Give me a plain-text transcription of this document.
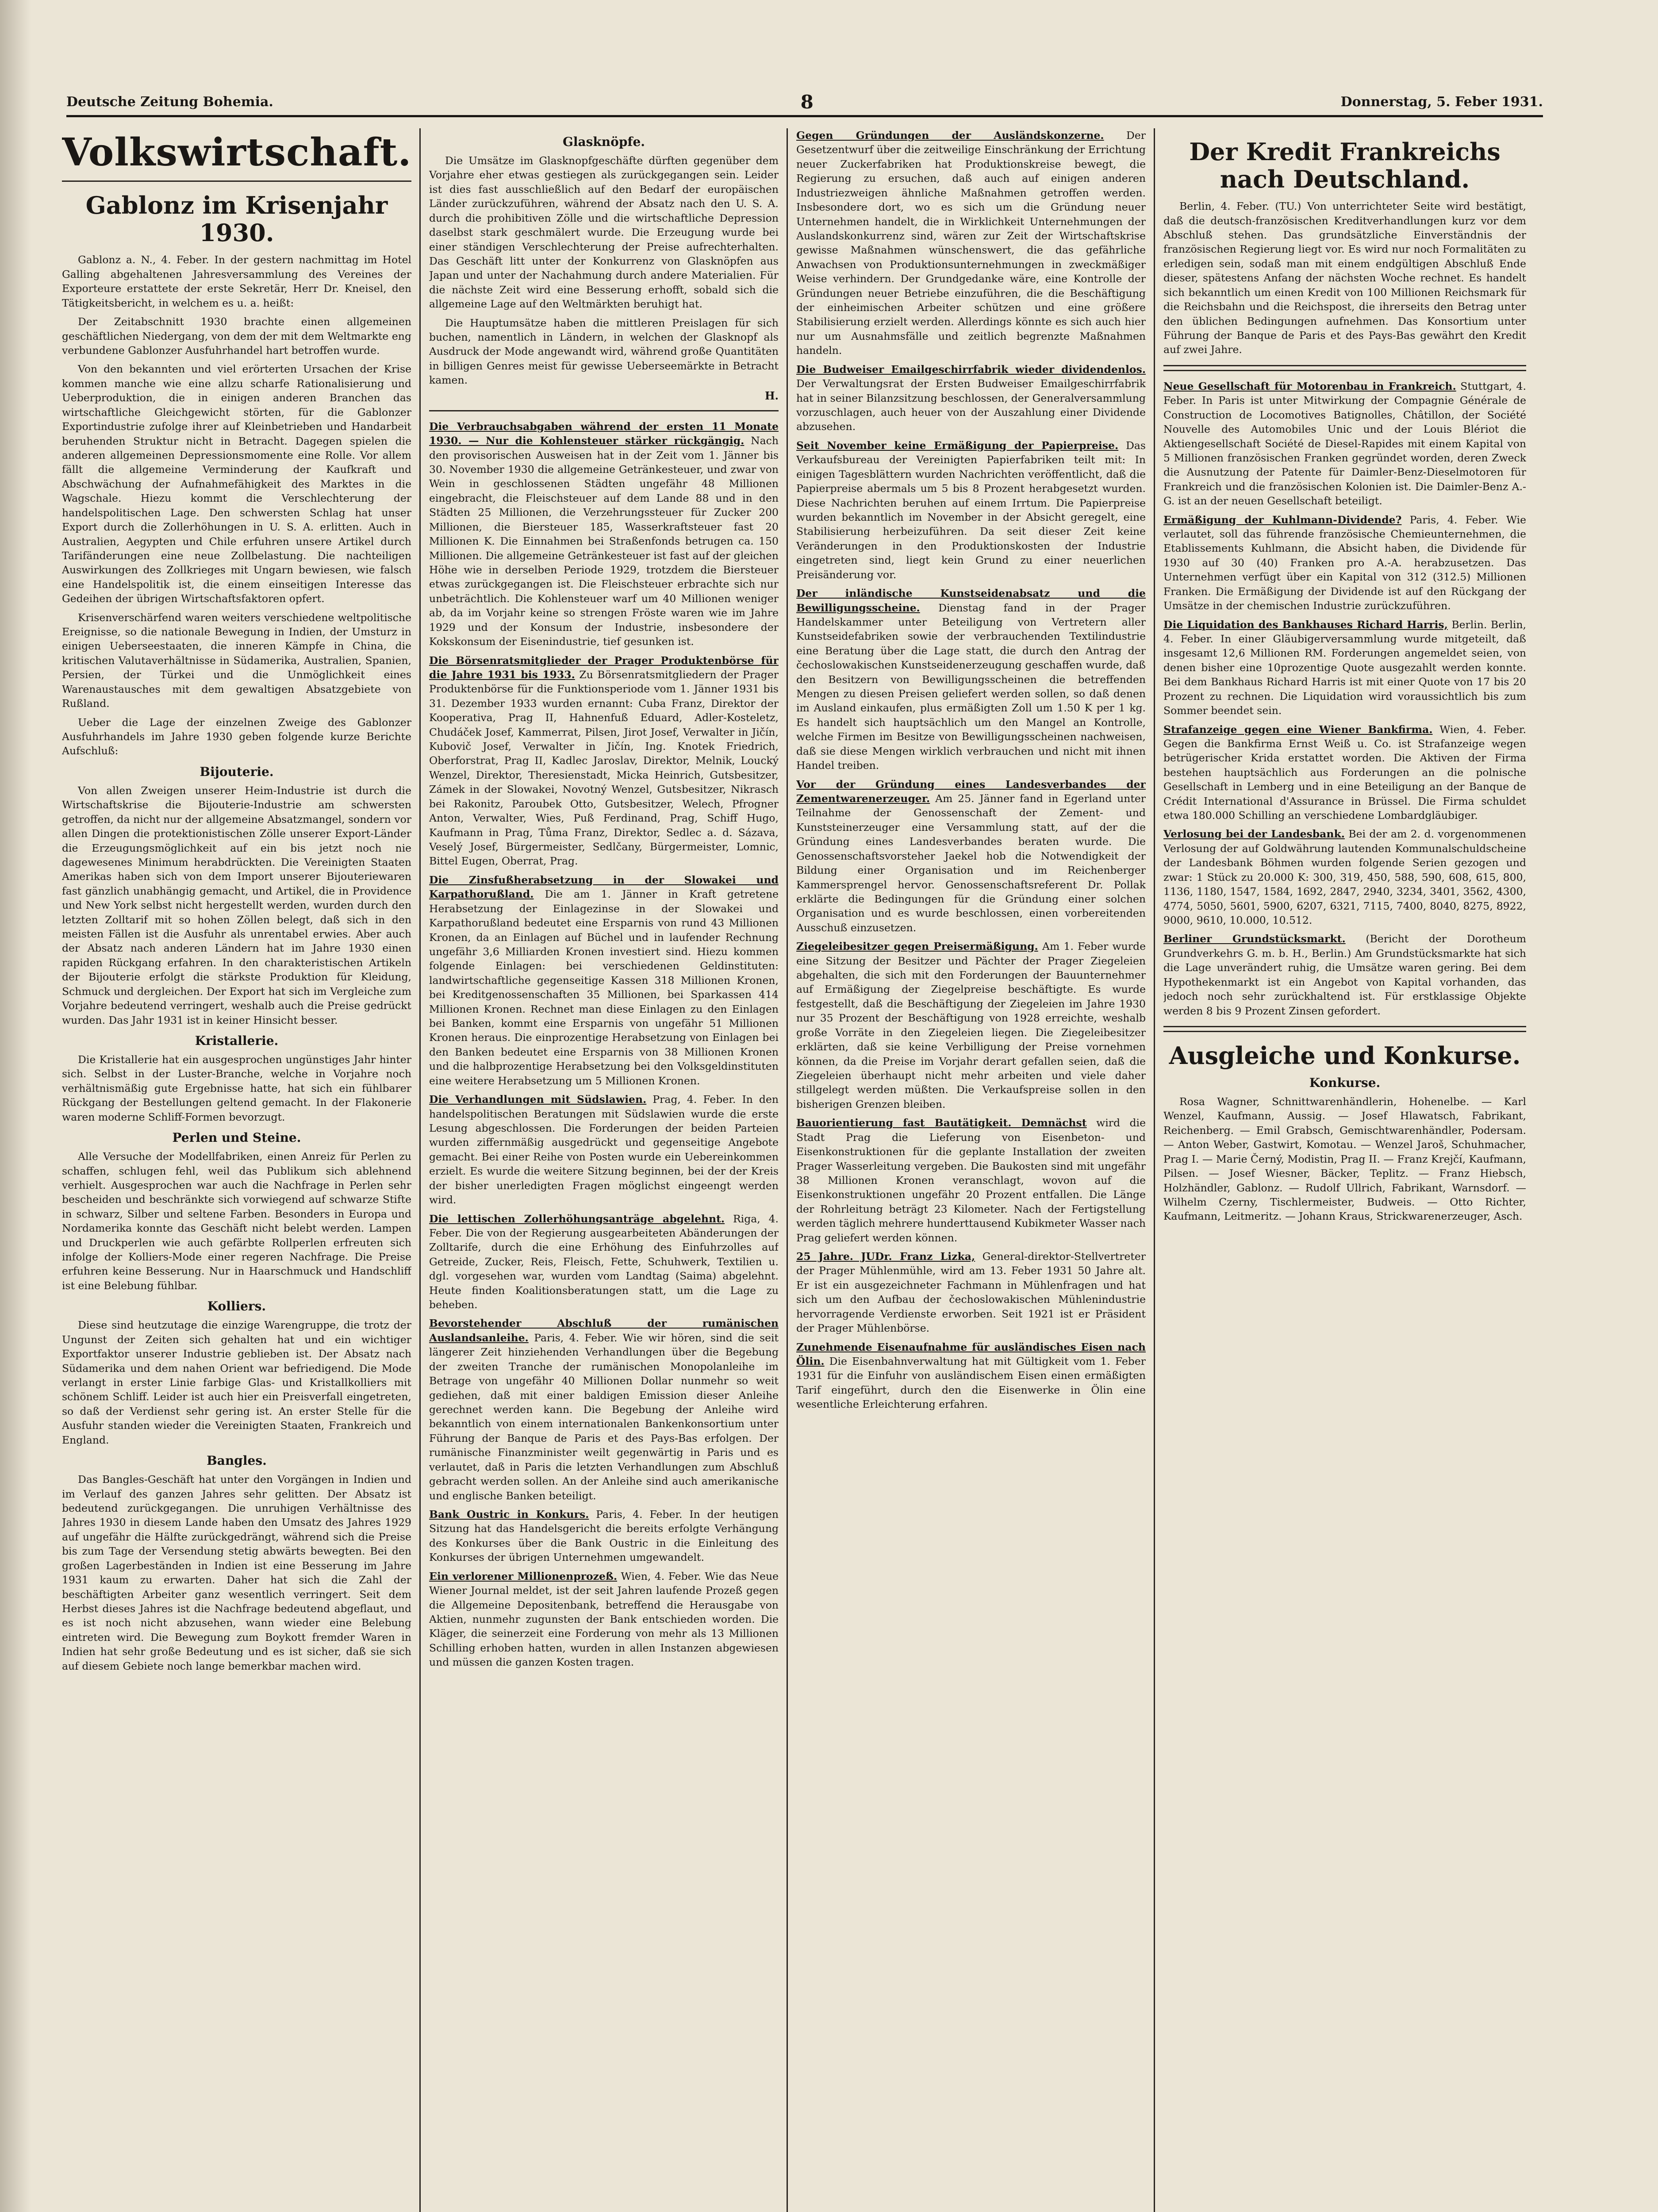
Deutsche Zeitung Bohemia.	8	Donnerstag, 5. Feber 1931.
Volkswirtschaft.
Gablonz im Krisenjahr 1930.

Gablonz a. N., 4. Feber. In der gestern nachmittag im Hotel Galling abgehaltenen Jahresversammlung des Vereines der Exporteure erstattete der erste Sekretär, Herr Dr. Kneisel, den Tätigkeitsbericht, in welchem es u. a. heißt:

Der Zeitabschnitt 1930 brachte einen allgemeinen geschäftlichen Niedergang, von dem der mit dem Weltmarkte eng verbundene Gablonzer Ausfuhrhandel hart betroffen wurde.

Von den bekannten und viel erörterten Ursachen der Krise kommen manche wie eine allzu scharfe Rationalisierung und Ueberproduktion, die in einigen anderen Branchen das wirtschaftliche Gleichgewicht störten, für die Gablonzer Exportindustrie zufolge ihrer auf Kleinbetrieben und Handarbeit beruhenden Struktur nicht in Betracht. Dagegen spielen die anderen allgemeinen Depressionsmomente eine Rolle. Vor allem fällt die allgemeine Verminderung der Kaufkraft und Abschwächung der Aufnahmefähigkeit des Marktes in die Wagschale. Hiezu kommt die Verschlechterung der handelspolitischen Lage. Den schwersten Schlag hat unser Export durch die Zollerhöhungen in U. S. A. erlitten. Auch in Australien, Aegypten und Chile erfuhren unsere Artikel durch Tarifänderungen eine neue Zollbelastung. Die nachteiligen Auswirkungen des Zollkrieges mit Ungarn bewiesen, wie falsch eine Handelspolitik ist, die einem einseitigen Interesse das Gedeihen der übrigen Wirtschaftsfaktoren opfert.

Krisenverschärfend waren weiters verschiedene weltpolitische Ereignisse, so die nationale Bewegung in Indien, der Umsturz in einigen Ueberseestaaten, die inneren Kämpfe in China, die kritischen Valutaverhältnisse in Südamerika, Australien, Spanien, Persien, der Türkei und die Unmöglichkeit eines Warenaustausches mit dem gewaltigen Absatzgebiete von Rußland.

Ueber die Lage der einzelnen Zweige des Gablonzer Ausfuhrhandels im Jahre 1930 geben folgende kurze Berichte Aufschluß:

Bijouterie.

Von allen Zweigen unserer Heim-Industrie ist durch die Wirtschaftskrise die Bijouterie-Industrie am schwersten getroffen, da nicht nur der allgemeine Absatzmangel, sondern vor allen Dingen die protektionistischen Zölle unserer Export-Länder die Erzeugungsmöglichkeit auf ein bis jetzt noch nie dagewesenes Minimum herabdrückten. Die Vereinigten Staaten Amerikas haben sich von dem Import unserer Bijouteriewaren fast gänzlich unabhängig gemacht, und Artikel, die in Providence und New York selbst nicht hergestellt werden, wurden durch den letzten Zolltarif mit so hohen Zöllen belegt, daß sich in den meisten Fällen ist die Ausfuhr als unrentabel erwies. Aber auch der Absatz nach anderen Ländern hat im Jahre 1930 einen rapiden Rückgang erfahren. In den charakteristischen Artikeln der Bijouterie erfolgt die stärkste Produktion für Kleidung, Schmuck und dergleichen. Der Export hat sich im Vergleiche zum Vorjahre bedeutend verringert, weshalb auch die Preise gedrückt wurden. Das Jahr 1931 ist in keiner Hinsicht besser.

Kristallerie.

Die Kristallerie hat ein ausgesprochen ungünstiges Jahr hinter sich. Selbst in der Luster-Branche, welche in Vorjahre noch verhältnismäßig gute Ergebnisse hatte, hat sich ein fühlbarer Rückgang der Bestellungen geltend gemacht. In der Flakonerie waren moderne Schliff-Formen bevorzugt.

Perlen und Steine.

Alle Versuche der Modellfabriken, einen Anreiz für Perlen zu schaffen, schlugen fehl, weil das Publikum sich ablehnend verhielt. Ausgesprochen war auch die Nachfrage in Perlen sehr bescheiden und beschränkte sich vorwiegend auf schwarze Stifte in schwarz, Silber und seltene Farben. Besonders in Europa und Nordamerika konnte das Geschäft nicht belebt werden. Lampen und Druckperlen wie auch gefärbte Rollperlen erfreuten sich infolge der Kolliers-Mode einer regeren Nachfrage. Die Preise erfuhren keine Besserung. Nur in Haarschmuck und Handschliff ist eine Belebung fühlbar.

Kolliers.

Diese sind heutzutage die einzige Warengruppe, die trotz der Ungunst der Zeiten sich gehalten hat und ein wichtiger Exportfaktor unserer Industrie geblieben ist. Der Absatz nach Südamerika und dem nahen Orient war befriedigend. Die Mode verlangt in erster Linie farbige Glas- und Kristallkolliers mit schönem Schliff. Leider ist auch hier ein Preisverfall eingetreten, so daß der Verdienst sehr gering ist. An erster Stelle für die Ausfuhr standen wieder die Vereinigten Staaten, Frankreich und England.

Bangles.

Das Bangles-Geschäft hat unter den Vorgängen in Indien und im Verlauf des ganzen Jahres sehr gelitten. Der Absatz ist bedeutend zurückgegangen. Die unruhigen Verhältnisse des Jahres 1930 in diesem Lande haben den Umsatz des Jahres 1929 auf ungefähr die Hälfte zurückgedrängt, während sich die Preise bis zum Tage der Versendung stetig abwärts bewegten. Bei den großen Lagerbeständen in Indien ist eine Besserung im Jahre 1931 kaum zu erwarten. Daher hat sich die Zahl der beschäftigten Arbeiter ganz wesentlich verringert. Seit dem Herbst dieses Jahres ist die Nachfrage bedeutend abgeflaut, und es ist noch nicht abzusehen, wann wieder eine Belebung eintreten wird. Die Bewegung zum Boykott fremder Waren in Indien hat sehr große Bedeutung und es ist sicher, daß sie sich auf diesem Gebiete noch lange bemerkbar machen wird.

Glasknöpfe.

Die Umsätze im Glasknopfgeschäfte dürften gegenüber dem Vorjahre eher etwas gestiegen als zurückgegangen sein. Leider ist dies fast ausschließlich auf den Bedarf der europäischen Länder zurückzuführen, während der Absatz nach den U. S. A. durch die prohibitiven Zölle und die wirtschaftliche Depression daselbst stark geschmälert wurde. Die Erzeugung wurde bei einer ständigen Verschlechterung der Preise aufrechterhalten. Das Geschäft litt unter der Konkurrenz von Glasknöpfen aus Japan und unter der Nachahmung durch andere Materialien. Für die nächste Zeit wird eine Besserung erhofft, sobald sich die allgemeine Lage auf den Weltmärkten beruhigt hat.

Die Hauptumsätze haben die mittleren Preislagen für sich buchen, namentlich in Ländern, in welchen der Glasknopf als Ausdruck der Mode angewandt wird, während große Quantitäten in billigen Genres meist für gewisse Ueberseemärkte in Betracht kamen.

H.

Die Verbrauchsabgaben während der ersten 11 Monate 1930. — Nur die Kohlensteuer stärker rückgängig. Nach den provisorischen Ausweisen hat in der Zeit vom 1. Jänner bis 30. November 1930 die allgemeine Getränkesteuer, und zwar von Wein in geschlossenen Städten ungefähr 48 Millionen eingebracht, die Fleischsteuer auf dem Lande 88 und in den Städten 25 Millionen, die Verzehrungssteuer für Zucker 200 Millionen, die Biersteuer 185, Wasserkraftsteuer fast 20 Millionen K. Die Einnahmen bei Straßenfonds betrugen ca. 150 Millionen. Die allgemeine Getränkesteuer ist fast auf der gleichen Höhe wie in derselben Periode 1929, trotzdem die Biersteuer etwas zurückgegangen ist. Die Fleischsteuer erbrachte sich nur unbeträchtlich. Die Kohlensteuer warf um 40 Millionen weniger ab, da im Vorjahr keine so strengen Fröste waren wie im Jahre 1929 und der Konsum der Industrie, insbesondere der Kokskonsum der Eisenindustrie, tief gesunken ist.

Die Börsenratsmitglieder der Prager Produktenbörse für die Jahre 1931 bis 1933. Zu Börsenratsmitgliedern der Prager Produktenbörse für die Funktionsperiode vom 1. Jänner 1931 bis 31. Dezember 1933 wurden ernannt: Cuba Franz, Direktor der Kooperativa, Prag II, Hahnenfuß Eduard, Adler-Kosteletz, Chudáček Josef, Kammerrat, Pilsen, Jirot Josef, Verwalter in Jičín, Kubovič Josef, Verwalter in Jičín, Ing. Knotek Friedrich, Oberforstrat, Prag II, Kadlec Jaroslav, Direktor, Melnik, Loucký Wenzel, Direktor, Theresienstadt, Micka Heinrich, Gutsbesitzer, Zámek in der Slowakei, Novotný Wenzel, Gutsbesitzer, Nikrasch bei Rakonitz, Paroubek Otto, Gutsbesitzer, Welech, Pfrogner Anton, Verwalter, Wies, Puß Ferdinand, Prag, Schiff Hugo, Kaufmann in Prag, Tůma Franz, Direktor, Sedlec a. d. Sázava, Veselý Josef, Bürgermeister, Sedlčany, Bürgermeister, Lomnic, Bittel Eugen, Oberrat, Prag.

Die Zinsfußherabsetzung in der Slowakei und Karpathorußland. Die am 1. Jänner in Kraft getretene Herabsetzung der Einlagezinse in der Slowakei und Karpathorußland bedeutet eine Ersparnis von rund 43 Millionen Kronen, da an Einlagen auf Büchel und in laufender Rechnung ungefähr 3,6 Milliarden Kronen investiert sind. Hiezu kommen folgende Einlagen: bei verschiedenen Geldinstituten: landwirtschaftliche gegenseitige Kassen 318 Millionen Kronen, bei Kreditgenossenschaften 35 Millionen, bei Sparkassen 414 Millionen Kronen. Rechnet man diese Einlagen zu den Einlagen bei Banken, kommt eine Ersparnis von ungefähr 51 Millionen Kronen heraus. Die einprozentige Herabsetzung von Einlagen bei den Banken bedeutet eine Ersparnis von 38 Millionen Kronen und die halbprozentige Herabsetzung bei den Volksgeldinstituten eine weitere Herabsetzung um 5 Millionen Kronen.

Die Verhandlungen mit Südslawien. Prag, 4. Feber. In den handelspolitischen Beratungen mit Südslawien wurde die erste Lesung abgeschlossen. Die Forderungen der beiden Parteien wurden ziffernmäßig ausgedrückt und gegenseitige Angebote gemacht. Bei einer Reihe von Posten wurde ein Uebereinkommen erzielt. Es wurde die weitere Sitzung beginnen, bei der der Kreis der bisher unerledigten Fragen möglichst eingeengt werden wird.

Die lettischen Zollerhöhungsanträge abgelehnt. Riga, 4. Feber. Die von der Regierung ausgearbeiteten Abänderungen der Zolltarife, durch die eine Erhöhung des Einfuhrzolles auf Getreide, Zucker, Reis, Fleisch, Fette, Schuhwerk, Textilien u. dgl. vorgesehen war, wurden vom Landtag (Saima) abgelehnt. Heute finden Koalitionsberatungen statt, um die Lage zu beheben.

Bevorstehender Abschluß der rumänischen Auslandsanleihe. Paris, 4. Feber. Wie wir hören, sind die seit längerer Zeit hinziehenden Verhandlungen über die Begebung der zweiten Tranche der rumänischen Monopolanleihe im Betrage von ungefähr 40 Millionen Dollar nunmehr so weit gediehen, daß mit einer baldigen Emission dieser Anleihe gerechnet werden kann. Die Begebung der Anleihe wird bekanntlich von einem internationalen Bankenkonsortium unter Führung der Banque de Paris et des Pays-Bas erfolgen. Der rumänische Finanzminister weilt gegenwärtig in Paris und es verlautet, daß in Paris die letzten Verhandlungen zum Abschluß gebracht werden sollen. An der Anleihe sind auch amerikanische und englische Banken beteiligt.

Bank Oustric in Konkurs. Paris, 4. Feber. In der heutigen Sitzung hat das Handelsgericht die bereits erfolgte Verhängung des Konkurses über die Bank Oustric in die Einleitung des Konkurses der übrigen Unternehmen umgewandelt.

Ein verlorener Millionenprozeß. Wien, 4. Feber. Wie das Neue Wiener Journal meldet, ist der seit Jahren laufende Prozeß gegen die Allgemeine Depositenbank, betreffend die Herausgabe von Aktien, nunmehr zugunsten der Bank entschieden worden. Die Kläger, die seinerzeit eine Forderung von mehr als 13 Millionen Schilling erhoben hatten, wurden in allen Instanzen abgewiesen und müssen die ganzen Kosten tragen.

Gegen Gründungen der Ausländskonzerne. Der Gesetzentwurf über die zeitweilige Einschränkung der Errichtung neuer Zuckerfabriken hat Produktionskreise bewegt, die Regierung zu ersuchen, daß auch auf einigen anderen Industriezweigen ähnliche Maßnahmen getroffen werden. Insbesondere dort, wo es sich um die Gründung neuer Unternehmen handelt, die in Wirklichkeit Unternehmungen der Auslandskonkurrenz sind, wären zur Zeit der Wirtschaftskrise gewisse Maßnahmen wünschenswert, die das gefährliche Anwachsen von Produktionsunternehmungen in zweckmäßiger Weise verhindern. Der Grundgedanke wäre, eine Kontrolle der Gründungen neuer Betriebe einzuführen, die die Beschäftigung der einheimischen Arbeiter schützen und eine größere Stabilisierung erzielt werden. Allerdings könnte es sich auch hier nur um Ausnahmsfälle und zeitlich begrenzte Maßnahmen handeln.

Die Budweiser Emailgeschirrfabrik wieder dividendenlos. Der Verwaltungsrat der Ersten Budweiser Emailgeschirrfabrik hat in seiner Bilanzsitzung beschlossen, der Generalversammlung vorzuschlagen, auch heuer von der Auszahlung einer Dividende abzusehen.

Seit November keine Ermäßigung der Papierpreise. Das Verkaufsbureau der Vereinigten Papierfabriken teilt mit: In einigen Tagesblättern wurden Nachrichten veröffentlicht, daß die Papierpreise abermals um 5 bis 8 Prozent herabgesetzt wurden. Diese Nachrichten beruhen auf einem Irrtum. Die Papierpreise wurden bekanntlich im November in der Absicht geregelt, eine Stabilisierung herbeizuführen. Da seit dieser Zeit keine Veränderungen in den Produktionskosten der Industrie eingetreten sind, liegt kein Grund zu einer neuerlichen Preisänderung vor.

Der inländische Kunstseidenabsatz und die Bewilligungsscheine. Dienstag fand in der Prager Handelskammer unter Beteiligung von Vertretern aller Kunstseidefabriken sowie der verbrauchenden Textilindustrie eine Beratung über die Lage statt, die durch den Antrag der čechoslowakischen Kunstseidenerzeugung geschaffen wurde, daß den Besitzern von Bewilligungsscheinen die betreffenden Mengen zu diesen Preisen geliefert werden sollen, so daß denen im Ausland einkaufen, plus ermäßigten Zoll um 1.50 K per 1 kg. Es handelt sich hauptsächlich um den Mangel an Kontrolle, welche Firmen im Besitze von Bewilligungsscheinen nachweisen, daß sie diese Mengen wirklich verbrauchen und nicht mit ihnen Handel treiben.

Vor der Gründung eines Landesverbandes der Zementwarenerzeuger. Am 25. Jänner fand in Egerland unter Teilnahme der Genossenschaft der Zement- und Kunststeinerzeuger eine Versammlung statt, auf der die Gründung eines Landesverbandes beraten wurde. Die Genossenschaftsvorsteher Jaekel hob die Notwendigkeit der Bildung einer Organisation und im Reichenberger Kammersprengel hervor. Genossenschaftsreferent Dr. Pollak erklärte die Bedingungen für die Gründung einer solchen Organisation und es wurde beschlossen, einen vorbereitenden Ausschuß einzusetzen.

Ziegeleibesitzer gegen Preisermäßigung. Am 1. Feber wurde eine Sitzung der Besitzer und Pächter der Prager Ziegeleien abgehalten, die sich mit den Forderungen der Bauunternehmer auf Ermäßigung der Ziegelpreise beschäftigte. Es wurde festgestellt, daß die Beschäftigung der Ziegeleien im Jahre 1930 nur 35 Prozent der Beschäftigung von 1928 erreichte, weshalb große Vorräte in den Ziegeleien liegen. Die Ziegeleibesitzer erklärten, daß sie keine Verbilligung der Preise vornehmen können, da die Preise im Vorjahr derart gefallen seien, daß die Ziegeleien überhaupt nicht mehr arbeiten und viele daher stillgelegt werden müßten. Die Verkaufspreise sollen in den bisherigen Grenzen bleiben.

Bauorientierung fast Bautätigkeit. Demnächst wird die Stadt Prag die Lieferung von Eisenbeton- und Eisenkonstruktionen für die geplante Installation der zweiten Prager Wasserleitung vergeben. Die Baukosten sind mit ungefähr 38 Millionen Kronen veranschlagt, wovon auf die Eisenkonstruktionen ungefähr 20 Prozent entfallen. Die Länge der Rohrleitung beträgt 23 Kilometer. Nach der Fertigstellung werden täglich mehrere hunderttausend Kubikmeter Wasser nach Prag geliefert werden können.

25 Jahre. JUDr. Franz Lizka, General-direktor-Stellvertreter der Prager Mühlenmühle, wird am 13. Feber 1931 50 Jahre alt. Er ist ein ausgezeichneter Fachmann in Mühlenfragen und hat sich um den Aufbau der čechoslowakischen Mühlenindustrie hervorragende Verdienste erworben. Seit 1921 ist er Präsident der Prager Mühlenbörse.

Zunehmende Eisenaufnahme für ausländisches Eisen nach Ölin. Die Eisenbahnverwaltung hat mit Gültigkeit vom 1. Feber 1931 für die Einfuhr von ausländischem Eisen einen ermäßigten Tarif eingeführt, durch den die Eisenwerke in Ölin eine wesentliche Erleichterung erfahren.

Der Kredit Frankreichs nach Deutschland.

Berlin, 4. Feber. (TU.) Von unterrichteter Seite wird bestätigt, daß die deutsch-französischen Kreditverhandlungen kurz vor dem Abschluß stehen. Das grundsätzliche Einverständnis der französischen Regierung liegt vor. Es wird nur noch Formalitäten zu erledigen sein, sodaß man mit einem endgültigen Abschluß Ende dieser, spätestens Anfang der nächsten Woche rechnet. Es handelt sich bekanntlich um einen Kredit von 100 Millionen Reichsmark für die Reichsbahn und die Reichspost, die ihrerseits den Betrag unter den üblichen Bedingungen aufnehmen. Das Konsortium unter Führung der Banque de Paris et des Pays-Bas gewährt den Kredit auf zwei Jahre.

Neue Gesellschaft für Motorenbau in Frankreich. Stuttgart, 4. Feber. In Paris ist unter Mitwirkung der Compagnie Générale de Construction de Locomotives Batignolles, Châtillon, der Société Nouvelle des Automobiles Unic und der Louis Blériot die Aktiengesellschaft Société de Diesel-Rapides mit einem Kapital von 5 Millionen französischen Franken gegründet worden, deren Zweck die Ausnutzung der Patente für Daimler-Benz-Dieselmotoren für Frankreich und die französischen Kolonien ist. Die Daimler-Benz A.-G. ist an der neuen Gesellschaft beteiligt.

Ermäßigung der Kuhlmann-Dividende? Paris, 4. Feber. Wie verlautet, soll das führende französische Chemieunternehmen, die Etablissements Kuhlmann, die Absicht haben, die Dividende für 1930 auf 30 (40) Franken pro A.-A. herabzusetzen. Das Unternehmen verfügt über ein Kapital von 312 (312.5) Millionen Franken. Die Ermäßigung der Dividende ist auf den Rückgang der Umsätze in der chemischen Industrie zurückzuführen.

Die Liquidation des Bankhauses Richard Harris, Berlin. Berlin, 4. Feber. In einer Gläubigerversammlung wurde mitgeteilt, daß insgesamt 12,6 Millionen RM. Forderungen angemeldet seien, von denen bisher eine 10prozentige Quote ausgezahlt werden konnte. Bei dem Bankhaus Richard Harris ist mit einer Quote von 17 bis 20 Prozent zu rechnen. Die Liquidation wird voraussichtlich bis zum Sommer beendet sein.

Strafanzeige gegen eine Wiener Bankfirma. Wien, 4. Feber. Gegen die Bankfirma Ernst Weiß u. Co. ist Strafanzeige wegen betrügerischer Krida erstattet worden. Die Aktiven der Firma bestehen hauptsächlich aus Forderungen an die polnische Gesellschaft in Lemberg und in eine Beteiligung an der Banque de Crédit International d'Assurance in Brüssel. Die Firma schuldet etwa 180.000 Schilling an verschiedene Lombardgläubiger.

Verlosung bei der Landesbank. Bei der am 2. d. vorgenommenen Verlosung der auf Goldwährung lautenden Kommunalschuldscheine der Landesbank Böhmen wurden folgende Serien gezogen und zwar: 1 Stück zu 20.000 K: 300, 319, 450, 588, 590, 608, 615, 800, 1136, 1180, 1547, 1584, 1692, 2847, 2940, 3234, 3401, 3562, 4300, 4774, 5050, 5601, 5900, 6207, 6321, 7115, 7400, 8040, 8275, 8922, 9000, 9610, 10.000, 10.512.

Berliner Grundstücksmarkt. (Bericht der Dorotheum Grundverkehrs G. m. b. H., Berlin.) Am Grundstücksmarkte hat sich die Lage unverändert ruhig, die Umsätze waren gering. Bei dem Hypothekenmarkt ist ein Angebot von Kapital vorhanden, das jedoch noch sehr zurückhaltend ist. Für erstklassige Objekte werden 8 bis 9 Prozent Zinsen gefordert.

Ausgleiche und Konkurse.
Konkurse.

Rosa Wagner, Schnittwarenhändlerin, Hohenelbe. — Karl Wenzel, Kaufmann, Aussig. — Josef Hlawatsch, Fabrikant, Reichenberg. — Emil Grabsch, Gemischtwarenhändler, Podersam. — Anton Weber, Gastwirt, Komotau. — Wenzel Jaroš, Schuhmacher, Prag I. — Marie Černý, Modistin, Prag II. — Franz Krejčí, Kaufmann, Pilsen. — Josef Wiesner, Bäcker, Teplitz. — Franz Hiebsch, Holzhändler, Gablonz. — Rudolf Ullrich, Fabrikant, Warnsdorf. — Wilhelm Czerny, Tischlermeister, Budweis. — Otto Richter, Kaufmann, Leitmeritz. — Johann Kraus, Strickwarenerzeuger, Asch.
